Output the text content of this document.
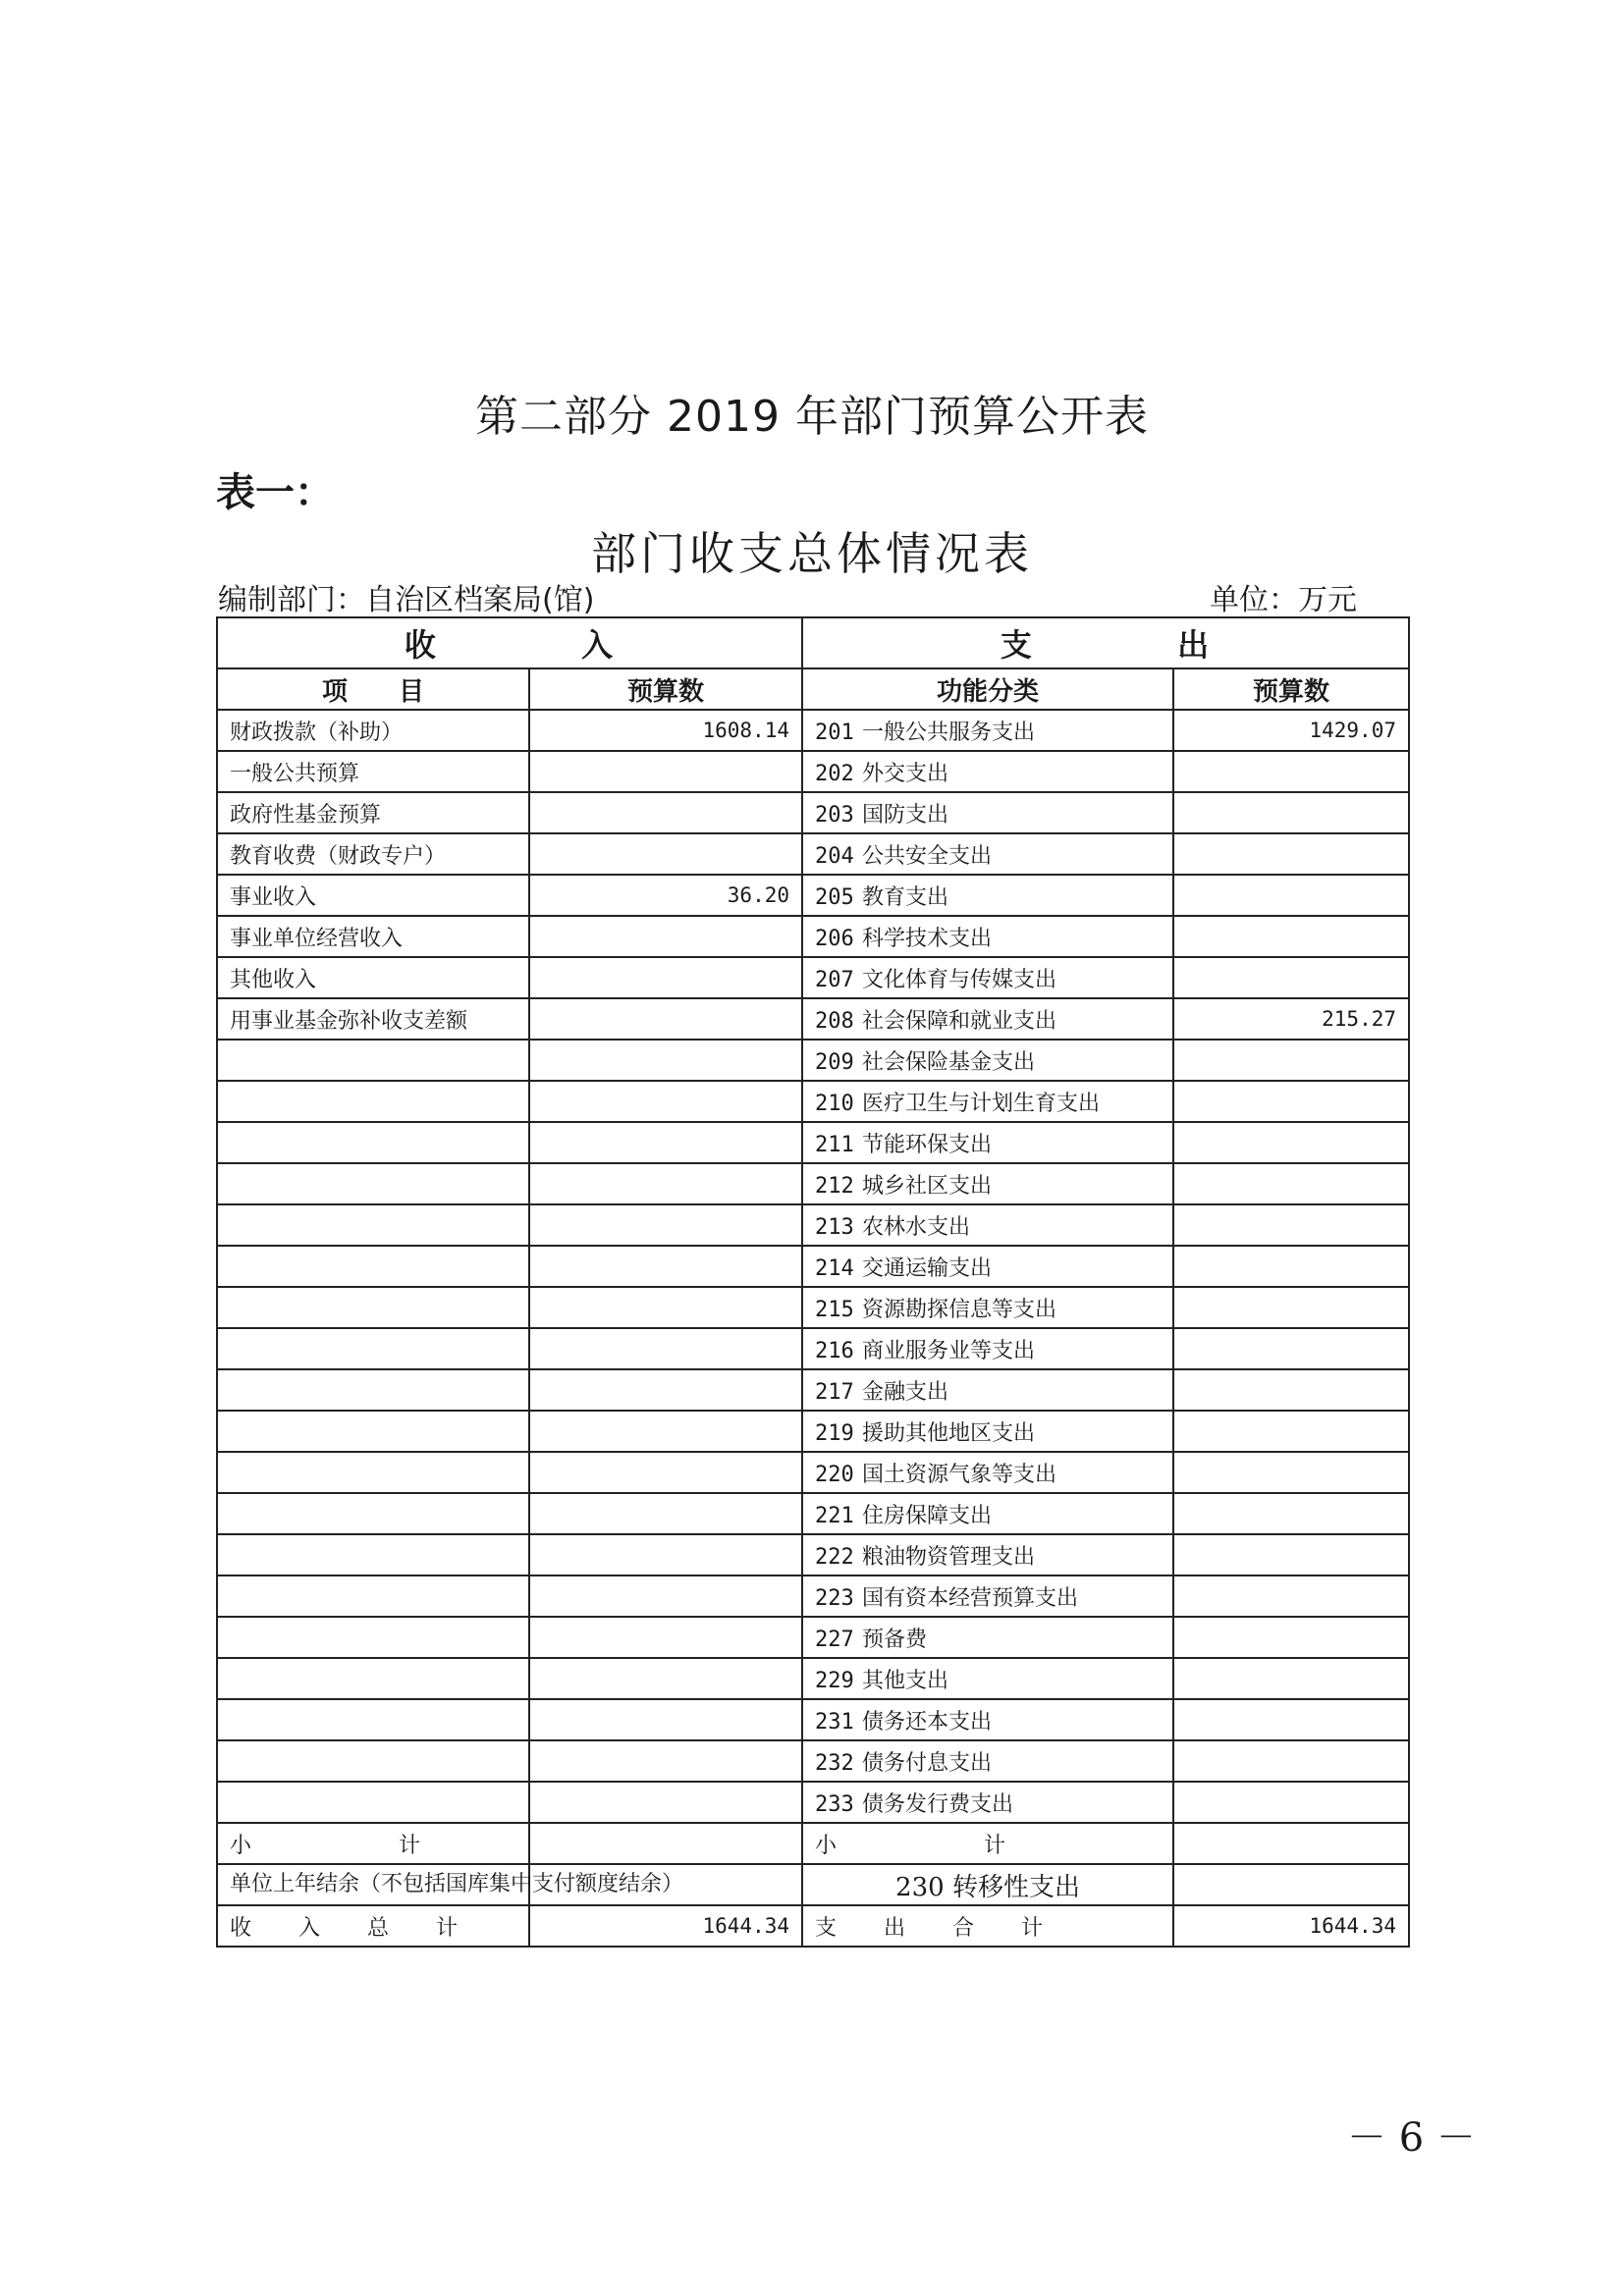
第二部分 2019 年部门预算公开表
表一：
部门收支总体情况表
编制部门：自治区档案局(馆)	单位：万元
收 入		支 出	
项　　目	预算数	功能分类	预算数
财政拨款（补助）	1608.14	201 一般公共服务支出	1429.07
一般公共预算		202 外交支出	
政府性基金预算		203 国防支出	
教育收费（财政专户）		204 公共安全支出	
事业收入	36.20	205 教育支出	
事业单位经营收入		206 科学技术支出	
其他收入		207 文化体育与传媒支出	
用事业基金弥补收支差额		208 社会保障和就业支出	215.27
		209 社会保险基金支出	
		210 医疗卫生与计划生育支出	
		211 节能环保支出	
		212 城乡社区支出	
		213 农林水支出	
		214 交通运输支出	
		215 资源勘探信息等支出	
		216 商业服务业等支出	
		217 金融支出	
		219 援助其他地区支出	
		220 国土资源气象等支出	
		221 住房保障支出	
		222 粮油物资管理支出	
		223 国有资本经营预算支出	
		227 预备费	
		229 其他支出	
		231 债务还本支出	
		232 债务付息支出	
		233 债务发行费支出	
小 计		小 计	
单位上年结余（不包括国库集中支付额度结余）		230 转移性支出	
收 入 总 计	1644.34	支 出 合 计	1644.34
－ 6 －
